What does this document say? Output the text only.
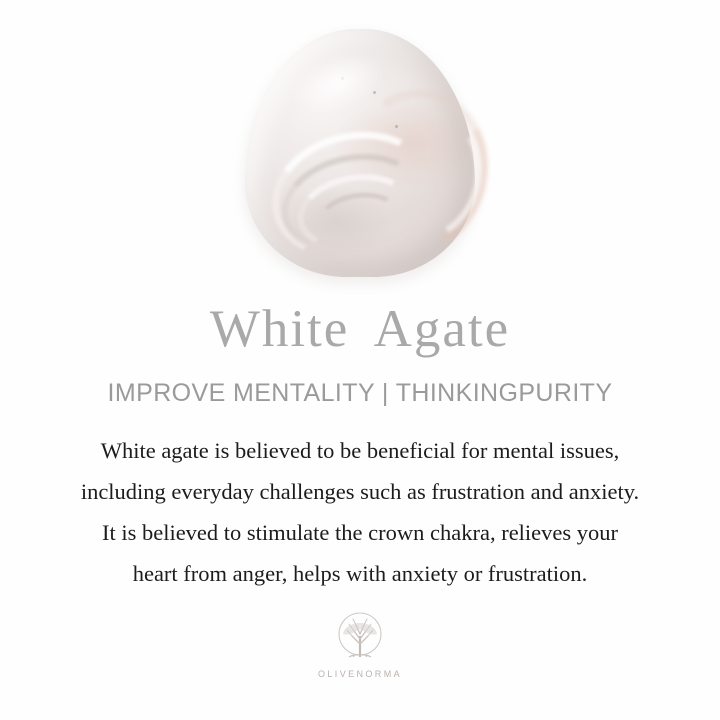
White Agate
IMPROVE MENTALITY | THINKINGPURITY
White agate is believed to be beneficial for mental issues,
including everyday challenges such as frustration and anxiety.
It is believed to stimulate the crown chakra, relieves your
heart from anger, helps with anxiety or frustration.
OLIVENORMA
